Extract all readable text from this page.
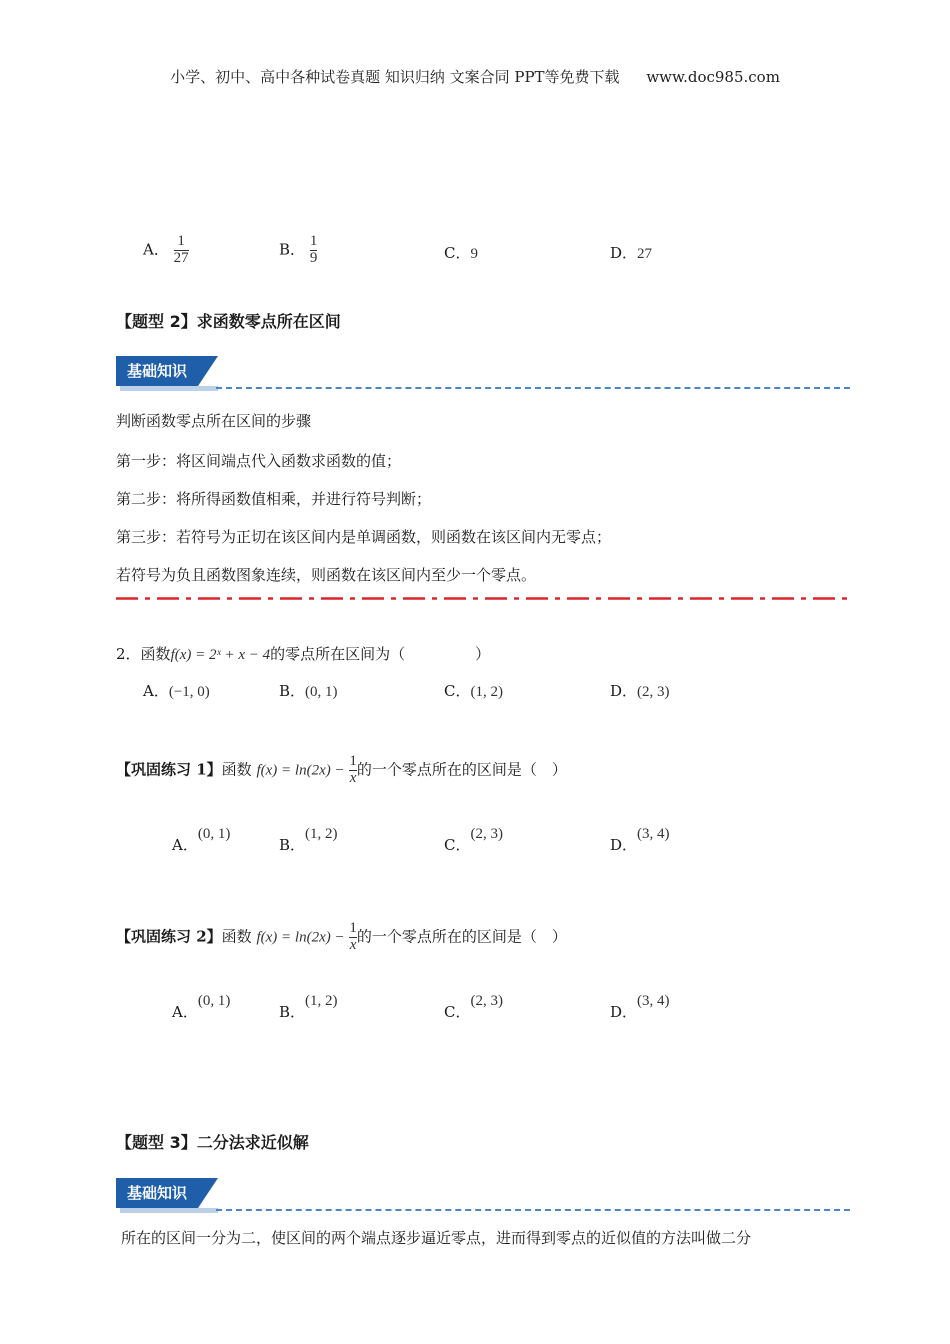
小学、初中、高中各种试卷真题 知识归纳 文案合同 PPT等免费下载 www.doc985.com
A． $\frac{1}{27}$	B． $\frac{1}{9}$	C．9	D．27
【题型 2】求函数零点所在区间
基础知识
判断函数零点所在区间的步骤
第一步：将区间端点代入函数求函数的值；
第二步：将所得函数值相乘，并进行符号判断；
第三步：若符号为正切在该区间内是单调函数，则函数在该区间内无零点；
若符号为负且函数图象连续，则函数在该区间内至少一个零点。
2．函数f(x) = 2ˣ + x − 4的零点所在区间为（	）
A．(−1, 0)	B．(0, 1)	C．(1, 2)	D．(2, 3)
【巩固练习 1】函数 $f(x) = \ln(2x) - \frac{1}{x}$ 的一个零点所在的区间是（　）
A．(0, 1)
B．(1, 2)
C．(2, 3)
D．(3, 4)
【巩固练习 2】函数 $f(x) = \ln(2x) - \frac{1}{x}$ 的一个零点所在的区间是（　）
A．(0, 1)
B．(1, 2)
C．(2, 3)
D．(3, 4)
【题型 3】二分法求近似解
基础知识
所在的区间一分为二，使区间的两个端点逐步逼近零点，进而得到零点的近似值的方法叫做二分
